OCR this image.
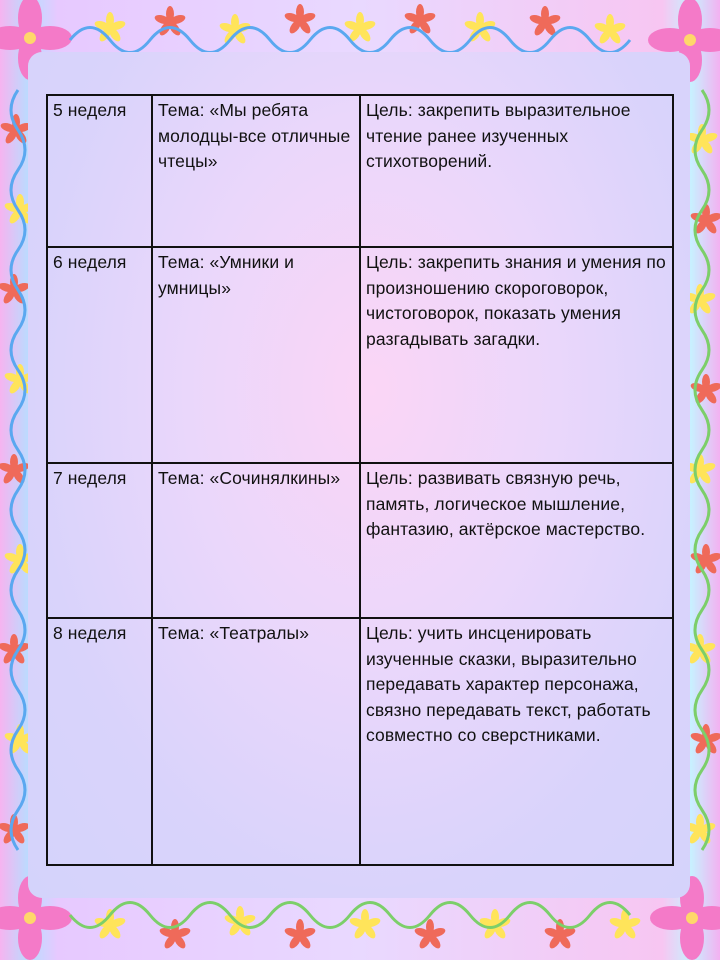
5 неделя	Тема: «Мы ребята молодцы-все отличные чтецы»	Цель: закрепить выразительное чтение ранее изученных стихотворений.
6 неделя	Тема: «Умники и умницы»	Цель: закрепить знания и умения по произношению скороговорок, чистоговорок, показать умения разгадывать загадки.
7 неделя	Тема: «Сочинялкины»	Цель: развивать связную речь, память, логическое мышление, фантазию, актёрское мастерство.
8 неделя	Тема: «Театралы»	Цель: учить инсценировать изученные сказки, выразительно передавать характер персонажа, связно передавать текст, работать совместно со сверстниками.
